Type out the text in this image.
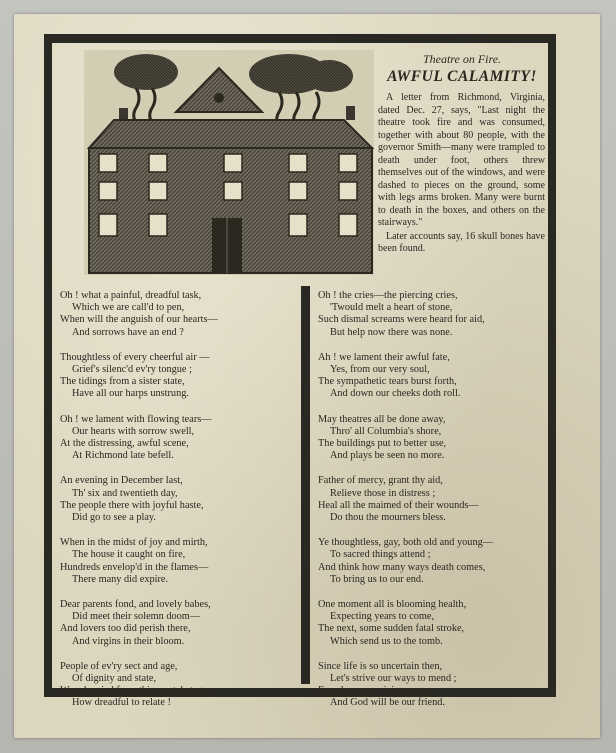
Theatre on Fire.
AWFUL CALAMITY!

A letter from Richmond, Virginia, dated Dec. 27, says, "Last night the theatre took fire and was consumed, together with about 80 people, with the governor Smith—many were trampled to death under foot, others threw themselves out of the windows, and were dashed to pieces on the ground, some with legs arms broken. Many were burnt to death in the boxes, and others on the stairways."

Later accounts say, 16 skull bones have been found.

Oh ! what a painful, dreadful task,
Which we are call'd to pen,
When will the anguish of our hearts—
And sorrows have an end ?
Thoughtless of every cheerful air —
Grief's silenc'd ev'ry tongue ;
The tidings from a sister state,
Have all our harps unstrung.
Oh ! we lament with flowing tears—
Our hearts with sorrow swell,
At the distressing, awful scene,
At Richmond late befell.
An evening in December last,
Th' six and twentieth day,
The people there with joyful haste,
Did go to see a play.
When in the midst of joy and mirth,
The house it caught on fire,
Hundreds envelop'd in the flames—
There many did expire.
Dear parents fond, and lovely babes,
Did meet their solemn doom—
And lovers too did perish there,
And virgins in their bloom.
People of ev'ry sect and age,
Of dignity and state,
Were hurried from this mortal stage—
How dreadful to relate !
Oh ! the cries—the piercing cries,
'Twould melt a heart of stone,
Such dismal screams were heard for aid,
But help now there was none.
Ah ! we lament their awful fate,
Yes, from our very soul,
The sympathetic tears burst forth,
And down our cheeks doth roll.
May theatres all be done away,
Thro' all Columbia's shore,
The buildings put to better use,
And plays be seen no more.
Father of mercy, grant thy aid,
Relieve those in distress ;
Heal all the maimed of their wounds—
Do thou the mourners bless.
Ye thoughtless, gay, both old and young—
To sacred things attend ;
And think how many ways death comes,
To bring us to our end.
One moment all is blooming health,
Expecting years to come,
The next, some sudden fatal stroke,
Which send us to the tomb.
Since life is so uncertain then,
Let's strive our ways to mend ;
Forsake every vicious way,
And God will be our friend.
